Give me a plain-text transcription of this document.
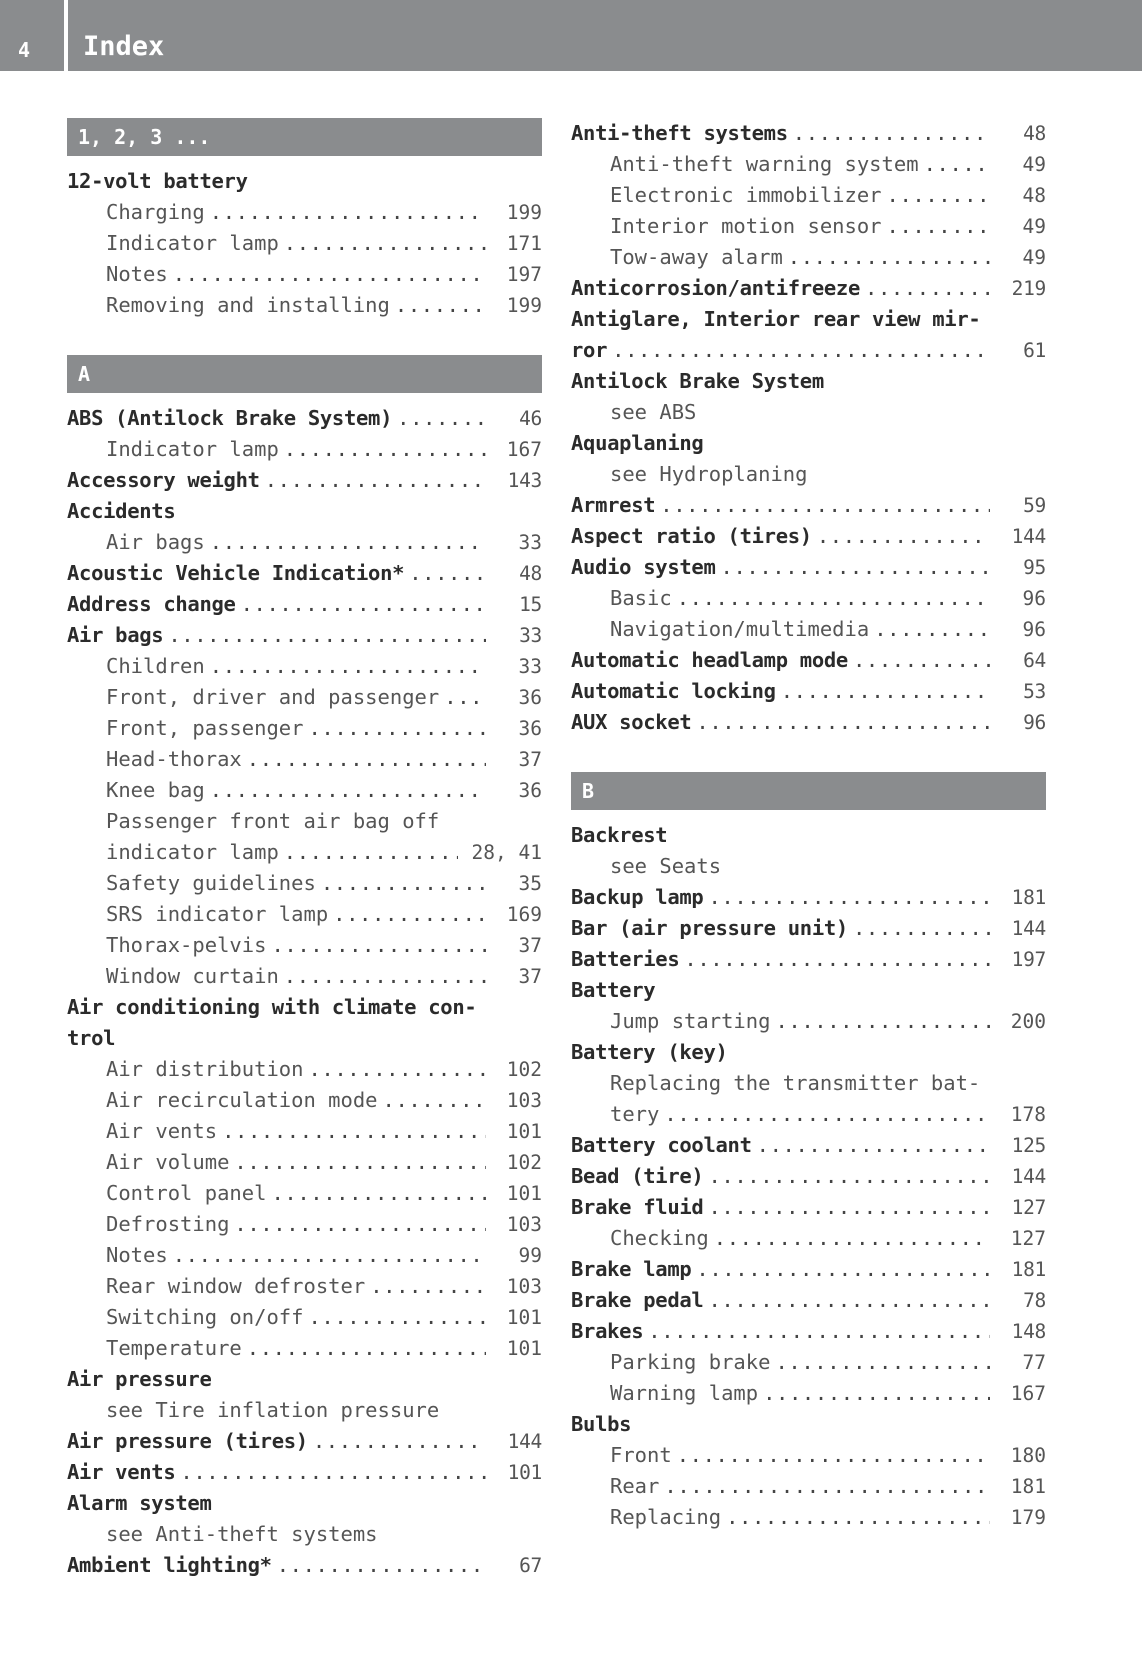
4 Index
1, 2, 3 ...
12-volt battery
Charging .....	199
Indicator lamp .....	171
Notes .....	197
Removing and installing .....	199
A
ABS (Antilock Brake System) .....	46
Indicator lamp .....	167
Accessory weight .....	143
Accidents
Air bags .....	33
Acoustic Vehicle Indication* .....	48
Address change .....	15
Air bags .....	33
Children .....	33
Front, driver and passenger .....	36
Front, passenger .....	36
Head-thorax .....	37
Knee bag .....	36
Passenger front air bag off
indicator lamp .....	28, 41
Safety guidelines .....	35
SRS indicator lamp .....	169
Thorax-pelvis .....	37
Window curtain .....	37
Air conditioning with climate con-
trol
Air distribution .....	102
Air recirculation mode .....	103
Air vents .....	101
Air volume .....	102
Control panel .....	101
Defrosting .....	103
Notes .....	99
Rear window defroster .....	103
Switching on/off .....	101
Temperature .....	101
Air pressure
see Tire inflation pressure
Air pressure (tires) .....	144
Air vents .....	101
Alarm system
see Anti-theft systems
Ambient lighting* .....	67
Anti-theft systems .....	48
Anti-theft warning system .....	49
Electronic immobilizer .....	48
Interior motion sensor .....	49
Tow-away alarm .....	49
Anticorrosion/antifreeze .....	219
Antiglare, Interior rear view mir-
ror .....	61
Antilock Brake System
see ABS
Aquaplaning
see Hydroplaning
Armrest .....	59
Aspect ratio (tires) .....	144
Audio system .....	95
Basic .....	96
Navigation/multimedia .....	96
Automatic headlamp mode .....	64
Automatic locking .....	53
AUX socket .....	96
B
Backrest
see Seats
Backup lamp .....	181
Bar (air pressure unit) .....	144
Batteries .....	197
Battery
Jump starting .....	200
Battery (key)
Replacing the transmitter bat-
tery .....	178
Battery coolant .....	125
Bead (tire) .....	144
Brake fluid .....	127
Checking .....	127
Brake lamp .....	181
Brake pedal .....	78
Brakes .....	148
Parking brake .....	77
Warning lamp .....	167
Bulbs
Front .....	180
Rear .....	181
Replacing .....	179
